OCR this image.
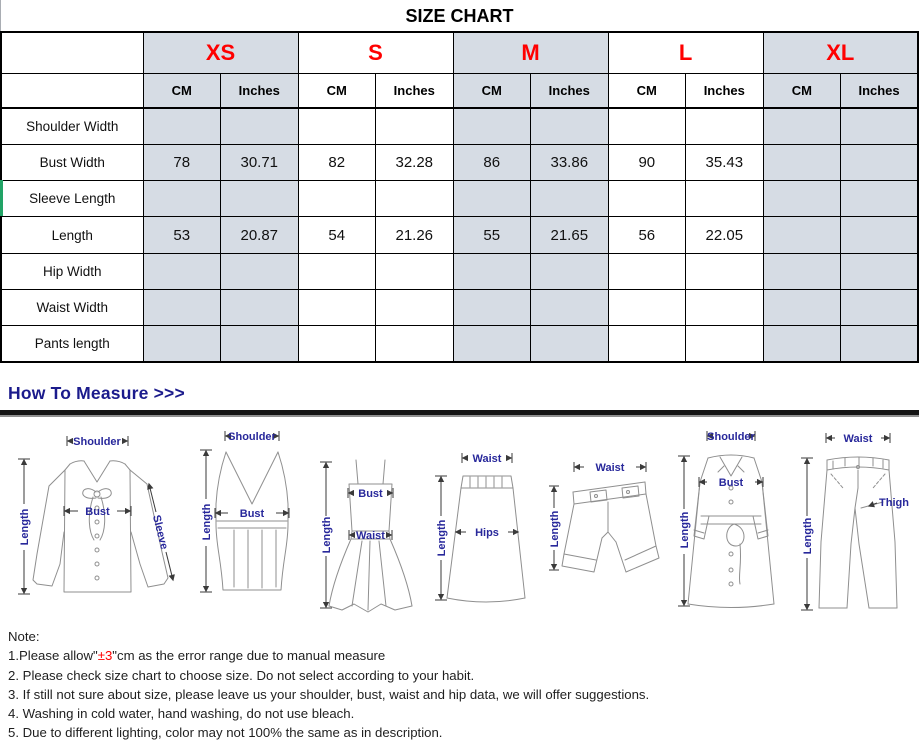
SIZE CHART
	XS		S		M		L		XL	
	CM	Inches	CM	Inches	CM	Inches	CM	Inches	CM	Inches
Shoulder Width										
Bust Width	78	30.71	82	32.28	86	33.86	90	35.43		
Sleeve Length										
Length	53	20.87	54	21.26	55	21.65	56	22.05		
Hip Width										
Waist Width										
Pants length										
How To Measure >>>
Shoulder
Length	Bust
Sleeve
Shoulder
Length Bust
Bust
Waist
Length
Waist
Hips
Length
Waist
Length
Shoulder
Bust
Length
Waist
Thigh
Length
Note:
1.Please allow"±3"cm as the error range due to manual measure
2. Please check size chart to choose size. Do not select according to your habit.
3. If still not sure about size, please leave us your shoulder, bust, waist and hip data, we will offer suggestions.
4. Washing in cold water, hand washing, do not use bleach.
5. Due to different lighting, color may not 100% the same as in description.
